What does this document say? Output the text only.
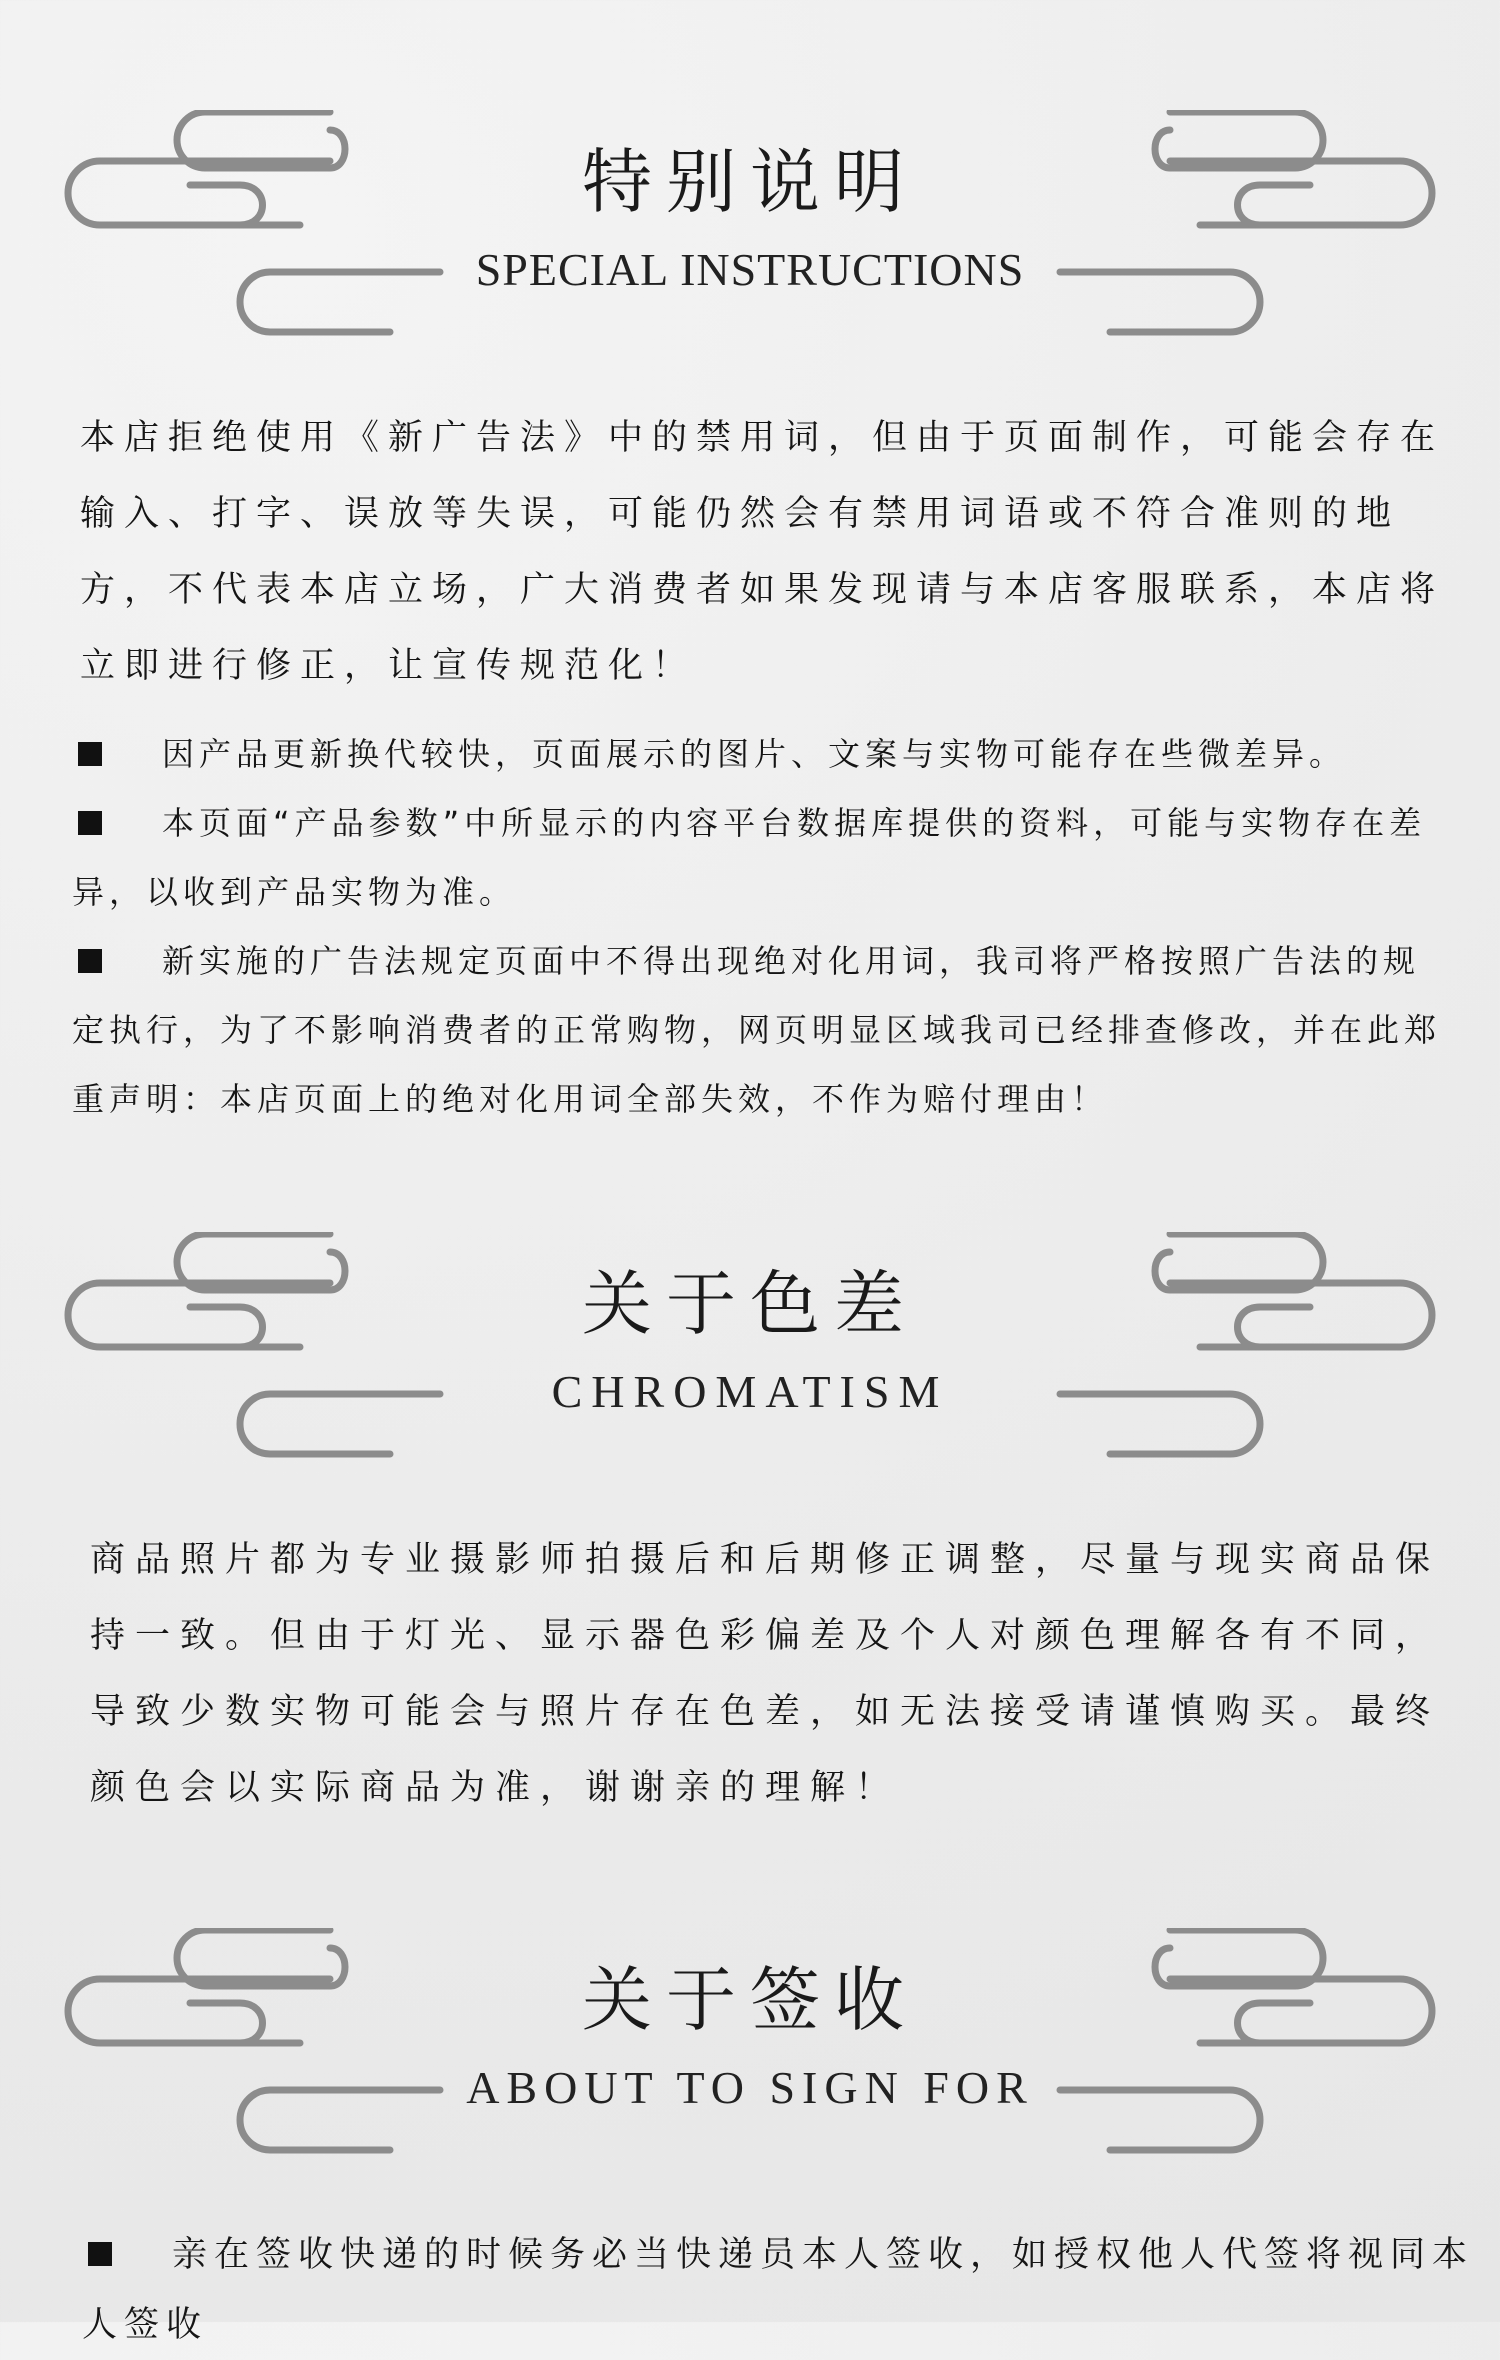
特别说明
SPECIAL INSTRUCTIONS

本店拒绝使用《新广告法》中的禁用词，但由于页面制作，可能会存在输入、打字、误放等失误，可能仍然会有禁用词语或不符合准则的地方，不代表本店立场，广大消费者如果发现请与本店客服联系，本店将立即进行修正，让宣传规范化！

因产品更新换代较快，页面展示的图片、文案与实物可能存在些微差异。
本页面“产品参数”中所显示的内容平台数据库提供的资料，可能与实物存在差异，以收到产品实物为准。
新实施的广告法规定页面中不得出现绝对化用词，我司将严格按照广告法的规定执行，为了不影响消费者的正常购物，网页明显区域我司已经排查修改，并在此郑重声明：本店页面上的绝对化用词全部失效，不作为赔付理由！
关于色差
CHROMATISM

商品照片都为专业摄影师拍摄后和后期修正调整，尽量与现实商品保持一致。但由于灯光、显示器色彩偏差及个人对颜色理解各有不同，导致少数实物可能会与照片存在色差，如无法接受请谨慎购买。最终颜色会以实际商品为准，谢谢亲的理解！

关于签收
ABOUT TO SIGN FOR
亲在签收快递的时候务必当快递员本人签收，如授权他人代签将视同本人签收
